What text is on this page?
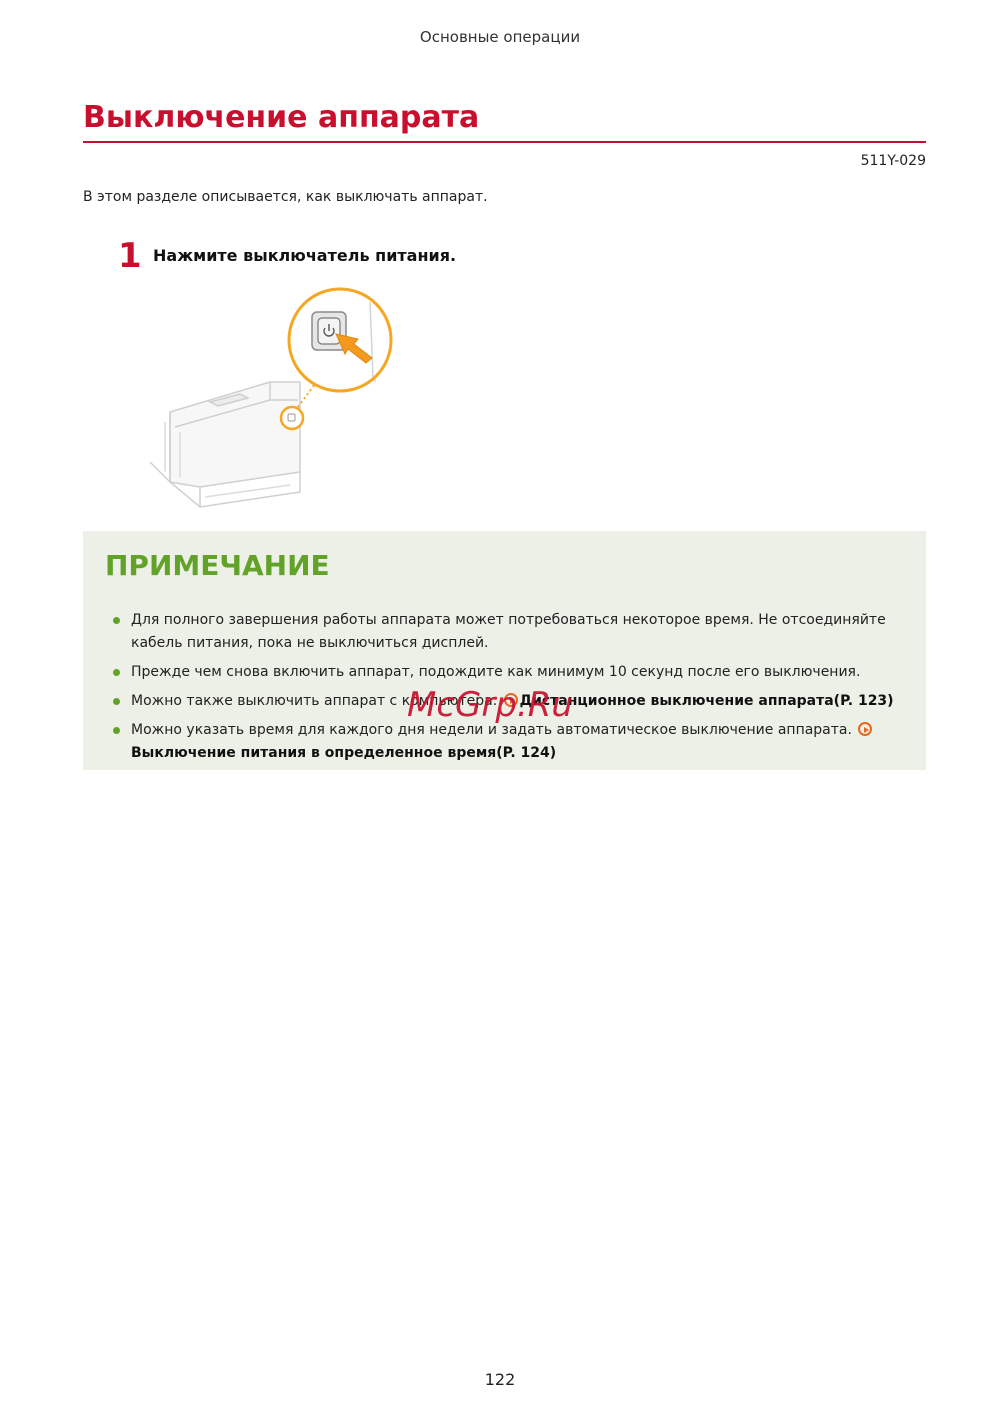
Основные операции
Выключение аппарата
511Y-029
В этом разделе описывается, как выключать аппарат.
1 Нажмите выключатель питания.
ПРИМЕЧАНИЕ
Для полного завершения работы аппарата может потребоваться некоторое время. Не отсоединяйте кабель питания, пока не выключиться дисплей.
Прежде чем снова включить аппарат, подождите как минимум 10 секунд после его выключения.
Можно также выключить аппарат с компьютера. Дистанционное выключение аппарата(P. 123)
Можно указать время для каждого дня недели и задать автоматическое выключение аппарата.
Выключение питания в определенное время(P. 124)
McGrp.Ru
122
